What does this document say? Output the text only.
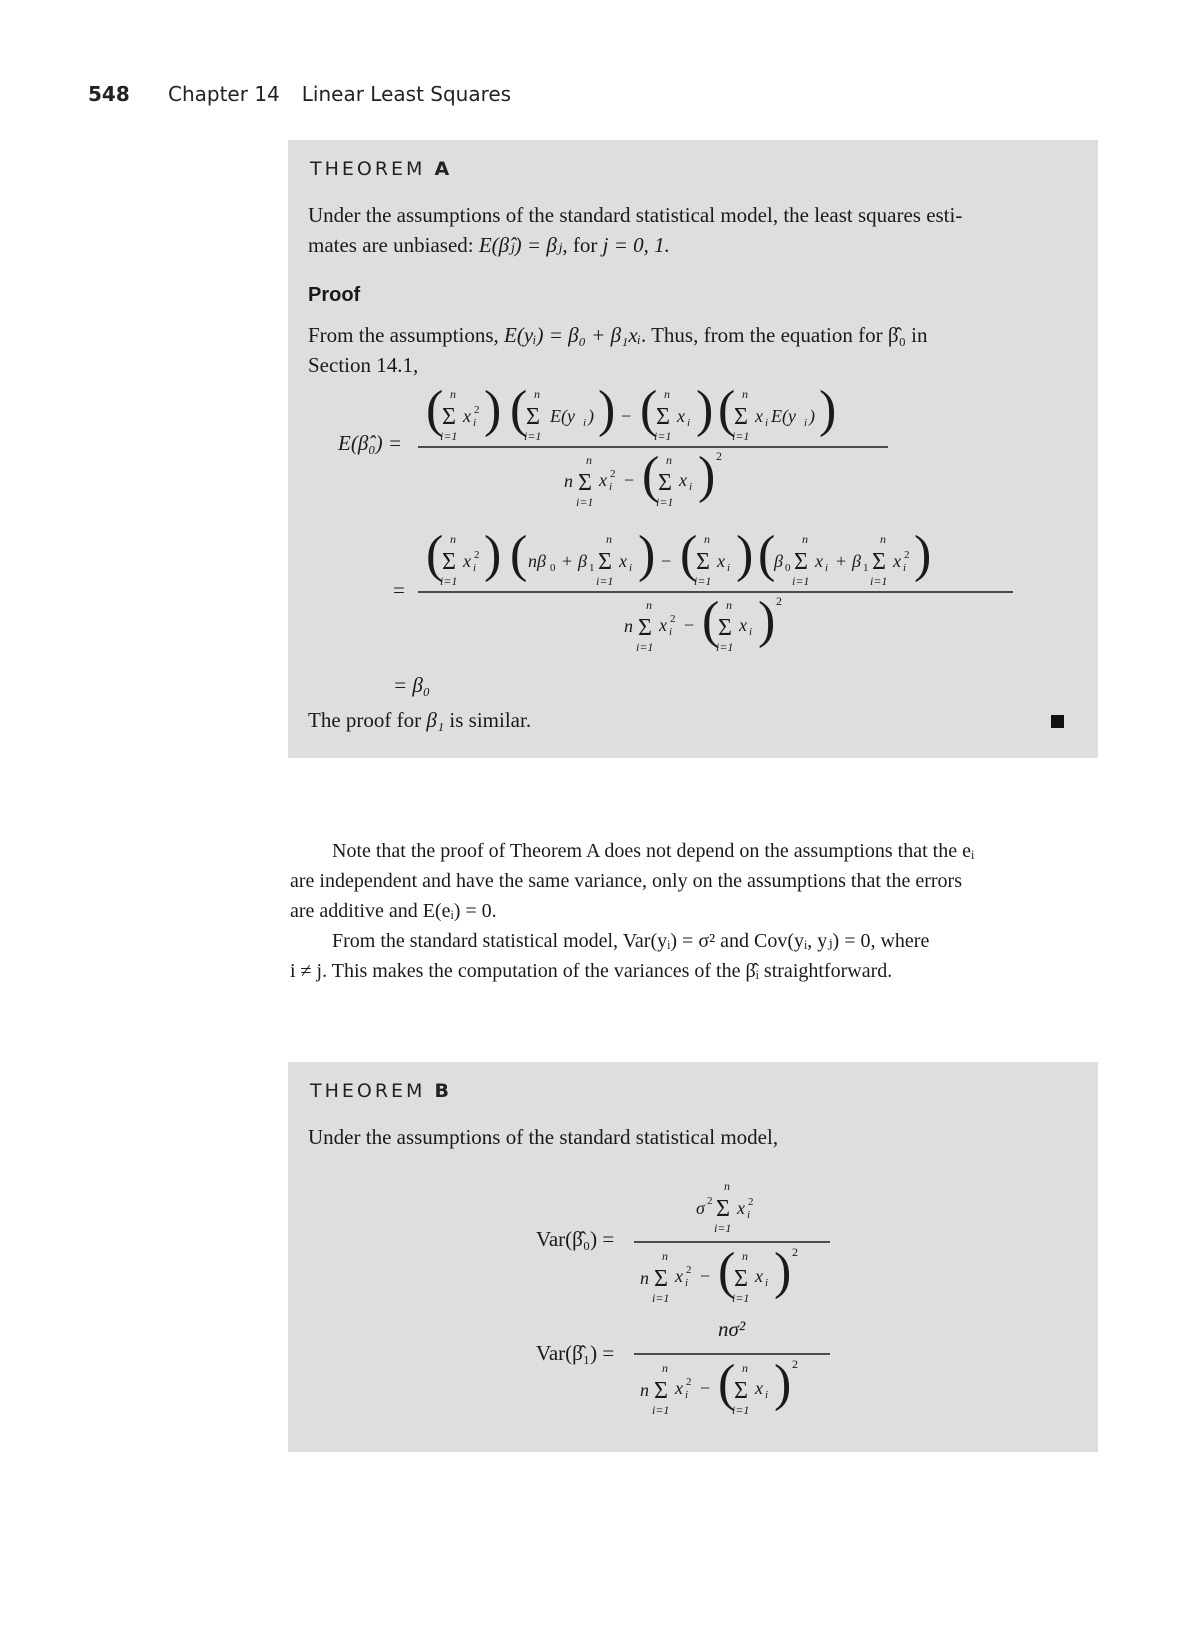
548 Chapter 14 Linear Least Squares
THEOREM A
Under the assumptions of the standard statistical model, the least squares esti-
mates are unbiased: E(β̂ⱼ) = βⱼ, for j = 0, 1.
Proof
From the assumptions, E(yᵢ) = β₀ + β₁xᵢ. Thus, from the equation for β̂₀ in
Section 14.1,
E(β̂₀) =
(
Σ
n
i=1
x i
2 ) (
Σ
n
i=1
E(y i ) ) − (
Σ
n
i=1
x i ) (
Σ
n
i=1
x i E(y i ) )
n Σ
n
i=1
x i
2 − (
Σ
n
i=1
x i ) 2
=
(
Σ
n
i=1
x i
2 ) ( nβ 0 + β 1 Σ
n
i=1
x i ) − (
Σ
n
i=1
x i ) (
β 0 Σ
n
i=1
x i + β 1 Σ
n
i=1
x i
2 )
n Σ
n
i=1
x i
2 − (
Σ
n
i=1
x i ) 2
= β₀
The proof for β₁ is similar.

Note that the proof of Theorem A does not depend on the assumptions that the eᵢ

are independent and have the same variance, only on the assumptions that the errors

are additive and E(eᵢ) = 0.

From the standard statistical model, Var(yᵢ) = σ² and Cov(yᵢ, yⱼ) = 0, where

i ≠ j. This makes the computation of the variances of the β̂ᵢ straightforward.

THEOREM B
Under the assumptions of the standard statistical model,
Var(β̂₀) =
σ 2 Σ
n
i=1
x i
2
n Σ
n
i=1
x i
2 − (
Σ
n
i=1
x i ) 2
Var(β̂₁) =
nσ²
n Σ
n
i=1
x i
2 − (
Σ
n
i=1
x i ) 2
